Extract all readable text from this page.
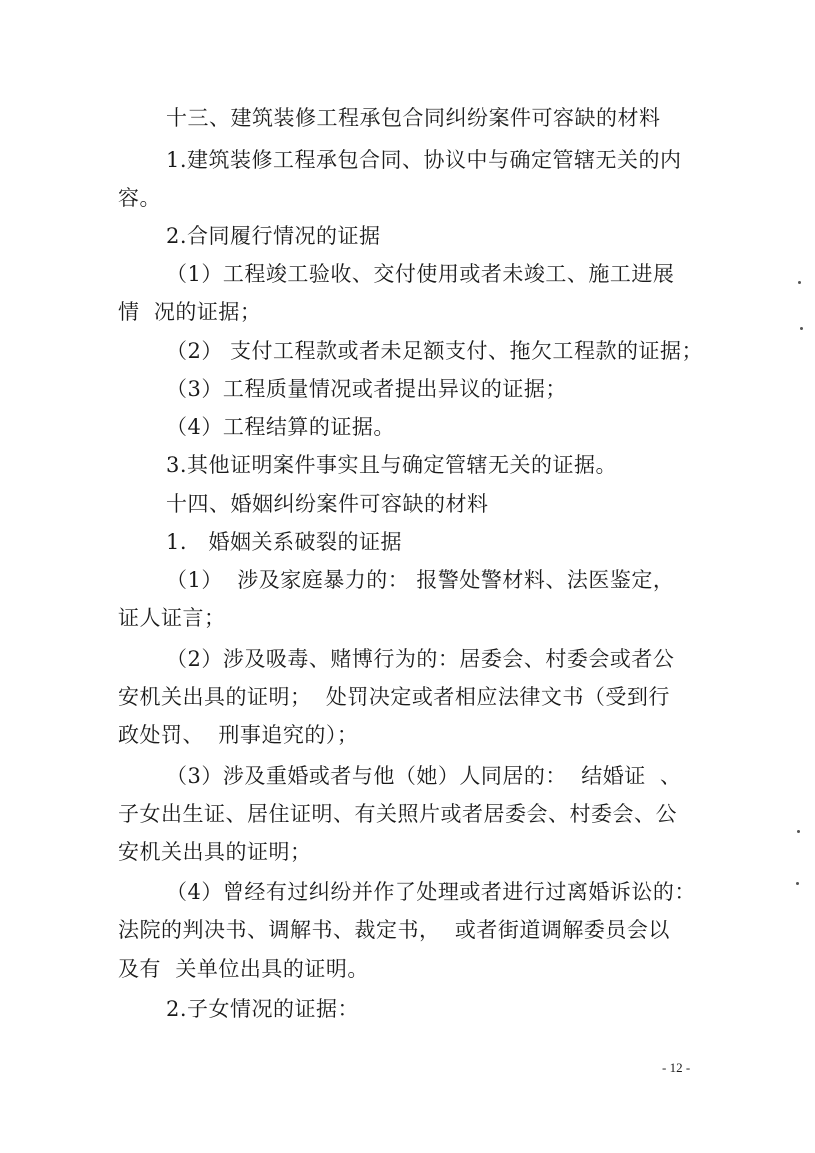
十三、建筑装修工程承包合同纠纷案件可容缺的材料
1.建筑装修工程承包合同、协议中与确定管辖无关的内
容。
2.合同履行情况的证据
（1）工程竣工验收、交付使用或者未竣工、施工进展
情  况的证据；
（2） 支付工程款或者未足额支付、拖欠工程款的证据；
（3）工程质量情况或者提出异议的证据；
（4）工程结算的证据。
3.其他证明案件事实且与确定管辖无关的证据。
十四、婚姻纠纷案件可容缺的材料
1.   婚姻关系破裂的证据
（1）  涉及家庭暴力的： 报警处警材料、法医鉴定，
证人证言；
（2）涉及吸毒、赌博行为的：居委会、村委会或者公
安机关出具的证明；  处罚决定或者相应法律文书（受到行
政处罚、  刑事追究的）；
（3）涉及重婚或者与他（她）人同居的：  结婚证  、
子女出生证、居住证明、有关照片或者居委会、村委会、公
安机关出具的证明；
（4）曾经有过纠纷并作了处理或者进行过离婚诉讼的：
法院的判决书、调解书、裁定书，  或者街道调解委员会以
及有  关单位出具的证明。
2.子女情况的证据：
- 12 -
